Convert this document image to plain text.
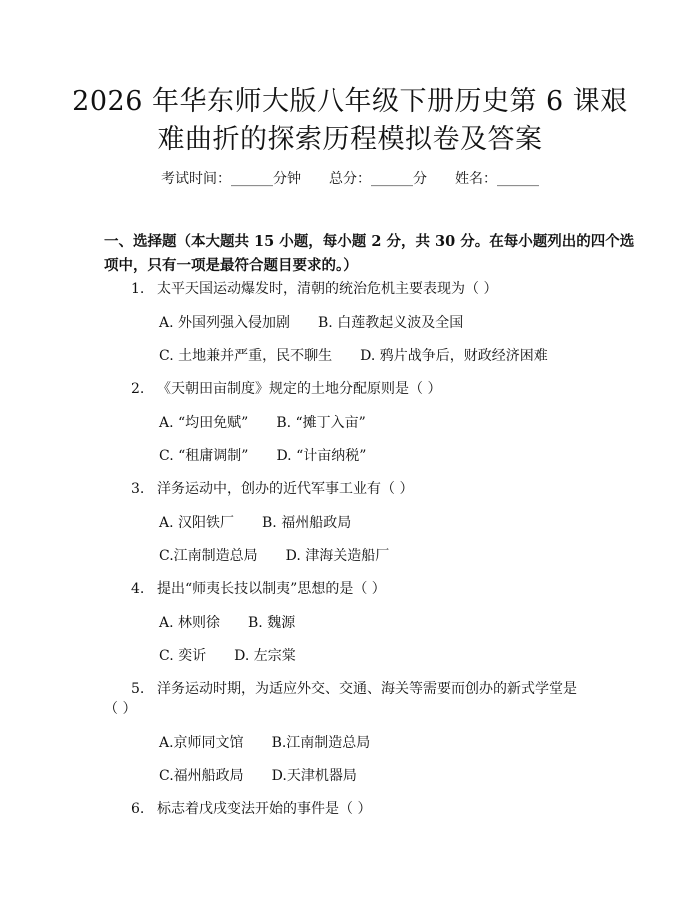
2026 年华东师大版八年级下册历史第 6 课艰
难曲折的探索历程模拟卷及答案
考试时间：______分钟 总分：______分 姓名：______
一、选择题（本大题共 15 小题，每小题 2 分，共 30 分。在每小题列出的四个选
项中，只有一项是最符合题目要求的。）
1. 太平天国运动爆发时，清朝的统治危机主要表现为（ ）
A. 外国列强入侵加剧 B. 白莲教起义波及全国
C. 土地兼并严重，民不聊生 D. 鸦片战争后，财政经济困难
2. 《天朝田亩制度》规定的土地分配原则是（ ）
A. “均田免赋” B. “摊丁入亩”
C. “租庸调制” D. “计亩纳税”
3. 洋务运动中，创办的近代军事工业有（ ）
A. 汉阳铁厂 B. 福州船政局
C.江南制造总局 D. 津海关造船厂
4. 提出“师夷长技以制夷”思想的是（ ）
A. 林则徐 B. 魏源
C. 奕䜣 D. 左宗棠
5. 洋务运动时期，为适应外交、交通、海关等需要而创办的新式学堂是
（ ）
A.京师同文馆 B.江南制造总局
C.福州船政局 D.天津机器局
6. 标志着戊戌变法开始的事件是（ ）
